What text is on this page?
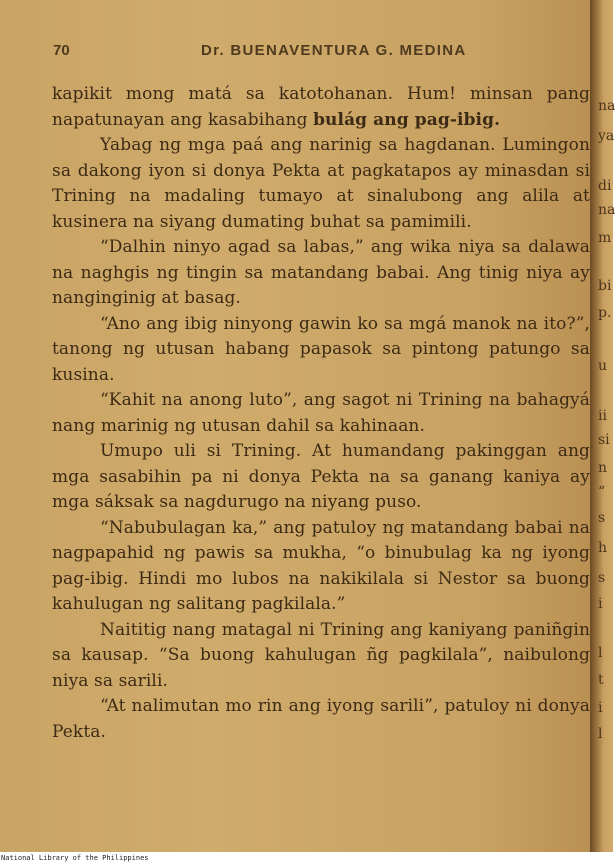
70	Dr. BUENAVENTURA G. MEDINA

kapikit mong matá sa katotohanan. Hum! minsan pang napatunayan ang kasabihang bulág ang pag-ibig.

Yabag ng mga paá ang narinig sa hagdanan. Lumingon sa dakong iyon si donya Pekta at pagkatapos ay minasdan si Trining na madaling tumayo at sinalubong ang alila at kusinera na siyang dumating buhat sa pamimili.

“Dalhin ninyo agad sa labas,” ang wika niya sa dalawa na naghgis ng tingin sa matandang babai. Ang tinig niya ay nanginginig at basag.

“Ano ang ibig ninyong gawin ko sa mgá manok na ito?”, tanong ng utusan habang papasok sa pintong patungo sa kusina.

“Kahit na anong luto”, ang sagot ni Trining na bahagyá nang marinig ng utusan dahil sa kahinaan.

Umupo uli si Trining. At humandang pakinggan ang mga sasabihin pa ni donya Pekta na sa ganang kaniya ay mga sáksak sa nagdurugo na niyang puso.

“Nabubulagan ka,” ang patuloy ng matandang babai na nagpapahid ng pawis sa mukha, “o binubulag ka ng iyong pag-ibig. Hindi mo lubos na nakikilala si Nestor sa buong kahulugan ng salitang pagkilala.”

Naititig nang matagal ni Trining ang kaniyang paniñgin sa kausap. “Sa buong kahulugan ñg pagkilala”, naibulong niya sa sarili.

“At nalimutan mo rin ang iyong sarili”, patuloy ni donya Pekta.

na
ya
di
na
m
bi
p.
u
ii
si
n
“
s
h
s
i
l
t
i
l
National Library of the Philippines
